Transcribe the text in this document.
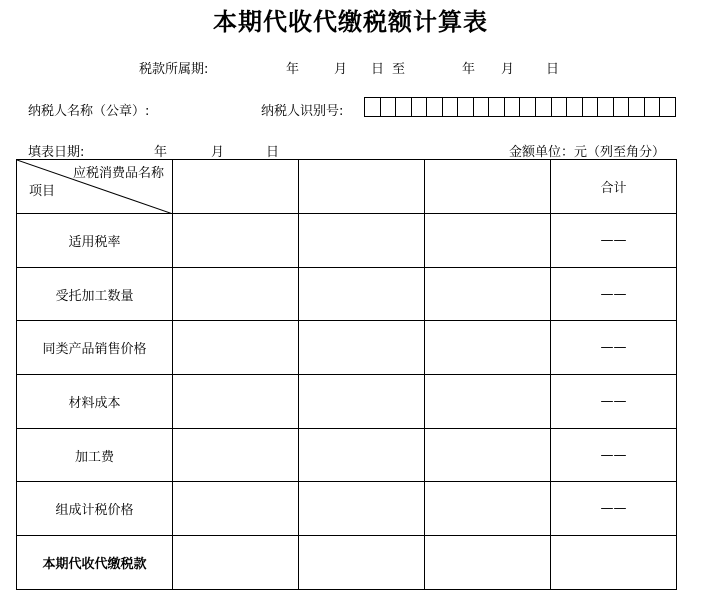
本期代收代缴税额计算表
税款所属期:	年	月 日 至	年 月 日
纳税人名称（公章）:	纳税人识别号:
填表日期:	年	月	日	金额单位：元（列至角分）
应税消费品名称
项目				合计
适用税率				——
受托加工数量				——
同类产品销售价格				——
材料成本				——
加工费				——
组成计税价格				——
本期代收代缴税款				
